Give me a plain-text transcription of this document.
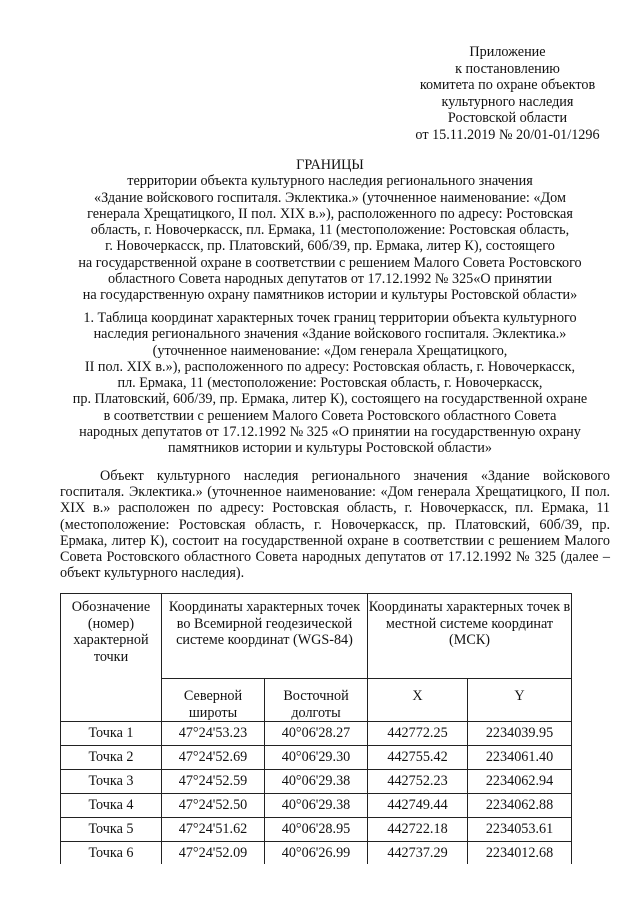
Приложение
к постановлению
комитета по охране объектов
культурного наследия
Ростовской области
от 15.11.2019 № 20/01-01/1296
ГРАНИЦЫ
территории объекта культурного наследия регионального значения
«Здание войскового госпиталя. Эклектика.» (уточненное наименование: «Дом
генерала Хрещатицкого, II пол. XIX в.»), расположенного по адресу: Ростовская
область, г. Новочеркасск, пл. Ермака, 11 (местоположение: Ростовская область,
г. Новочеркасск, пр. Платовский, 60б/39, пр. Ермака, литер К), состоящего
на государственной охране в соответствии с решением Малого Совета Ростовского
областного Совета народных депутатов от 17.12.1992 № 325«О принятии
на государственную охрану памятников истории и культуры Ростовской области»
1. Таблица координат характерных точек границ территории объекта культурного
наследия регионального значения «Здание войскового госпиталя. Эклектика.»
(уточненное наименование: «Дом генерала Хрещатицкого,
II пол. XIX в.»), расположенного по адресу: Ростовская область, г. Новочеркасск,
пл. Ермака, 11 (местоположение: Ростовская область, г. Новочеркасск,
пр. Платовский, 60б/39, пр. Ермака, литер К), состоящего на государственной охране
в соответствии с решением Малого Совета Ростовского областного Совета
народных депутатов от 17.12.1992 № 325 «О принятии на государственную охрану
памятников истории и культуры Ростовской области»
Объект культурного наследия регионального значения «Здание войскового госпиталя. Эклектика.» (уточненное наименование: «Дом генерала Хрещатицкого, II пол. XIX в.» расположен по адресу: Ростовская область, г. Новочеркасск, пл. Ермака, 11 (местоположение: Ростовская область, г. Новочеркасск, пр. Платовский, 60б/39, пр. Ермака, литер К), состоит на государственной охране в соответствии с решением Малого Совета Ростовского областного Совета народных депутатов от 17.12.1992 № 325 (далее – объект культурного наследия).
Обозначение (номер) характерной точки	Координаты характерных точек во Всемирной геодезической системе координат (WGS-84)		Координаты характерных точек в местной системе координат (МСК)	
	Северной широты	Восточной долготы	X	Y
Точка 1	47°24'53.23	40°06'28.27	442772.25	2234039.95
Точка 2	47°24'52.69	40°06'29.30	442755.42	2234061.40
Точка 3	47°24'52.59	40°06'29.38	442752.23	2234062.94
Точка 4	47°24'52.50	40°06'29.38	442749.44	2234062.88
Точка 5	47°24'51.62	40°06'28.95	442722.18	2234053.61
Точка 6	47°24'52.09	40°06'26.99	442737.29	2234012.68
